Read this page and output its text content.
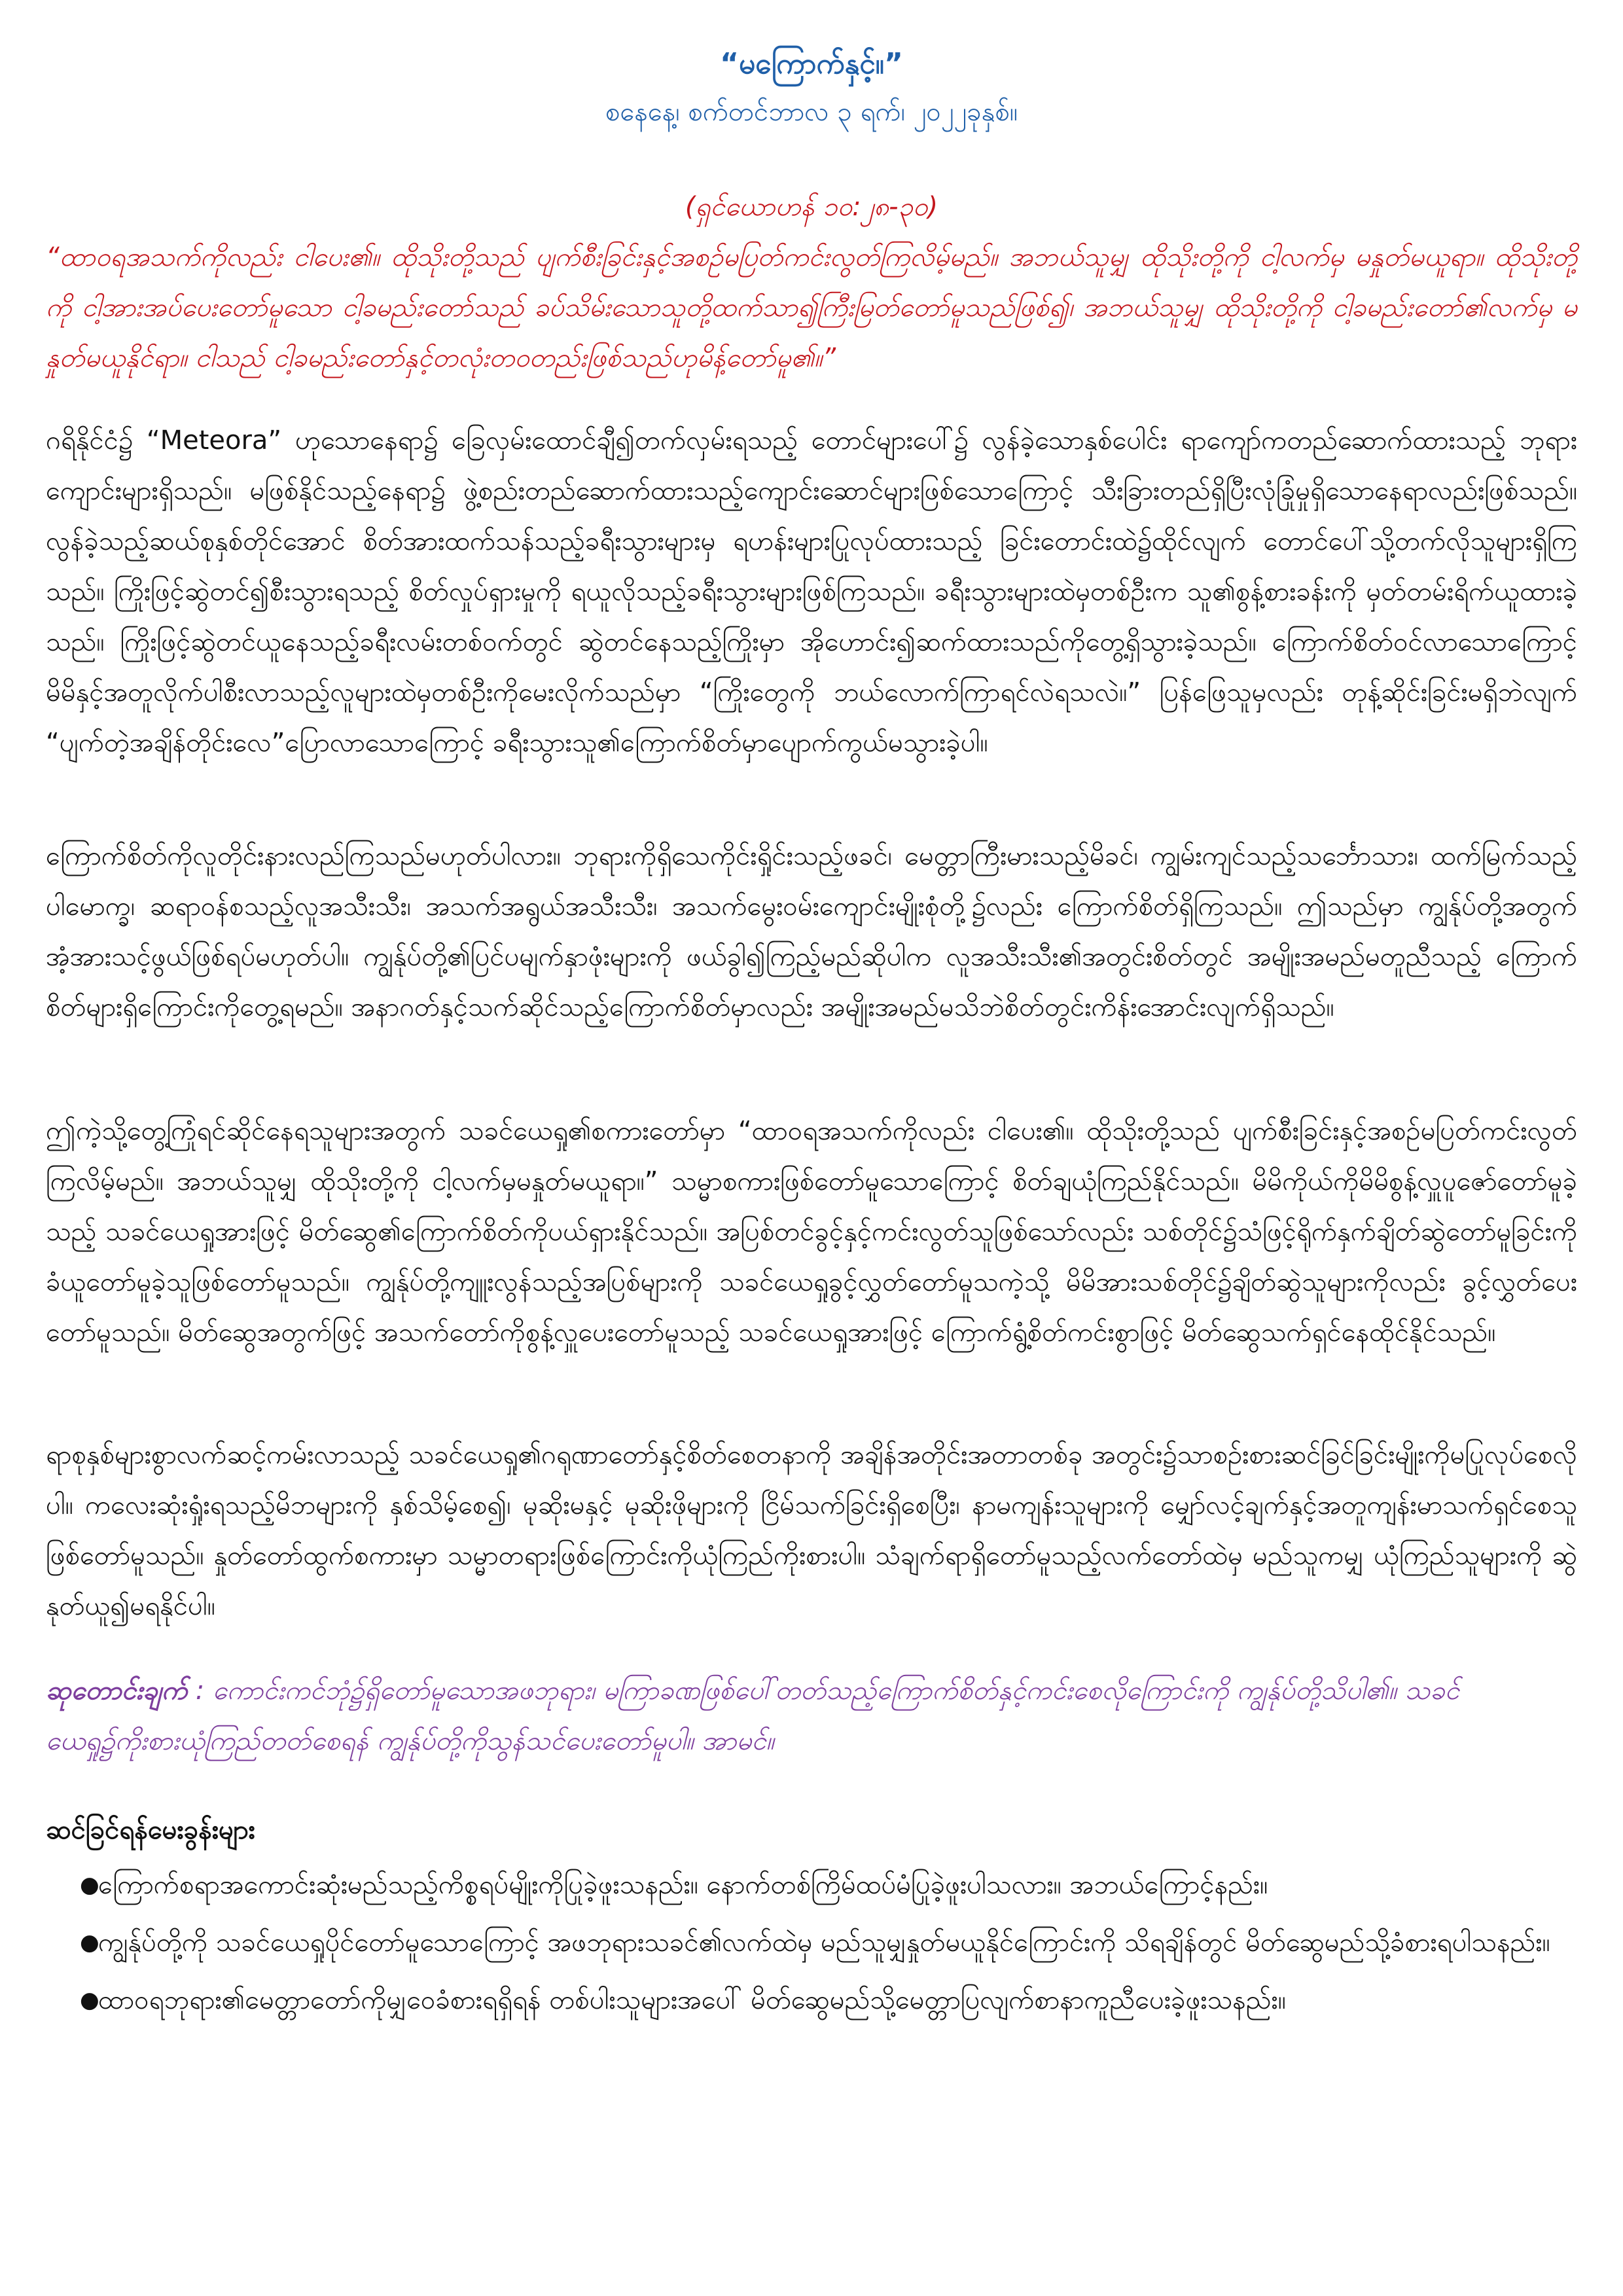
“မကြောက်နှင့်။”
စနေနေ့၊ စက်တင်ဘာလ ၃ ရက်၊ ၂၀၂၂ခုနှစ်။
(ရှင်ယောဟန် ၁၀:၂၈-၃၀)
“ထာဝရအသက်ကိုလည်း ငါပေး၏။ ထိုသိုးတို့သည် ပျက်စီးခြင်းနှင့်အစဉ်မပြတ်ကင်းလွတ်ကြလိမ့်မည်။ အဘယ်သူမျှ ထိုသိုးတို့ကို ငါ့လက်မှ မနှုတ်မယူရာ။ ထိုသိုးတို့ကို ငါ့အားအပ်ပေးတော်မူသော ငါ့ခမည်းတော်သည် ခပ်သိမ်းသောသူတို့ထက်သာ၍ကြီးမြတ်တော်မူသည်ဖြစ်၍၊ အဘယ်သူမျှ ထိုသိုးတို့ကို ငါ့ခမည်းတော်၏လက်မှ မနှုတ်မယူနိုင်ရာ။ ငါသည် ငါ့ခမည်းတော်နှင့်တလုံးတဝတည်းဖြစ်သည်ဟုမိန့်တော်မူ၏။”
ဂရိနိုင်ငံ၌ “Meteora” ဟုသောနေရာ၌ ခြေလှမ်းထောင်ချီ၍တက်လှမ်းရသည့် တောင်များပေါ်၌ လွန်ခဲ့သောနှစ်ပေါင်း ရာကျော်ကတည်ဆောက်ထားသည့် ဘုရားကျောင်းများရှိသည်။ မဖြစ်နိုင်သည့်နေရာ၌ ဖွဲ့စည်းတည်ဆောက်ထားသည့်ကျောင်းဆောင်များဖြစ်သောကြောင့် သီးခြားတည်ရှိပြီးလုံခြုံမှုရှိသောနေရာလည်းဖြစ်သည်။ လွန်ခဲ့သည့်ဆယ်စုနှစ်တိုင်အောင် စိတ်အားထက်သန်သည့်ခရီးသွားများမှ ရဟန်းများပြုလုပ်ထားသည့် ခြင်းတောင်းထဲ၌ထိုင်လျက် တောင်ပေါ်သို့တက်လိုသူများရှိကြသည်။ ကြိုးဖြင့်ဆွဲတင်၍စီးသွားရသည့် စိတ်လှုပ်ရှားမှုကို ရယူလိုသည့်ခရီးသွားများဖြစ်ကြသည်။ ခရီးသွားများထဲမှတစ်ဦးက သူ၏စွန့်စားခန်းကို မှတ်တမ်းရိက်ယူထားခဲ့သည်။ ကြိုးဖြင့်ဆွဲတင်ယူနေသည့်ခရီးလမ်းတစ်ဝက်တွင် ဆွဲတင်နေသည့်ကြိုးမှာ အိုဟောင်း၍ဆက်ထားသည်ကိုတွေ့ရှိသွားခဲ့သည်။ ကြောက်စိတ်ဝင်လာသောကြောင့် မိမိနှင့်အတူလိုက်ပါစီးလာသည့်လူများထဲမှတစ်ဦးကိုမေးလိုက်သည်မှာ “ကြိုးတွေကို ဘယ်လောက်ကြာရင်လဲရသလဲ။” ပြန်ဖြေသူမှလည်း တုန့်ဆိုင်းခြင်းမရှိဘဲလျက် “ပျက်တဲ့အချိန်တိုင်းလေ”ပြောလာသောကြောင့် ခရီးသွားသူ၏ကြောက်စိတ်မှာပျောက်ကွယ်မသွားခဲ့ပါ။
ကြောက်စိတ်ကိုလူတိုင်းနားလည်ကြသည်မဟုတ်ပါလား။ ဘုရားကိုရှိသေကိုင်းရှိုင်းသည့်ဖခင်၊ မေတ္တာကြီးမားသည့်မိခင်၊ ကျွမ်းကျင်သည့်သင်္ဘောသား၊ ထက်မြက်သည့်ပါမောက္ခ၊ ဆရာဝန်စသည့်လူအသီးသီး၊ အသက်အရွယ်အသီးသီး၊ အသက်မွေးဝမ်းကျောင်းမျိုးစုံတို့၌လည်း ကြောက်စိတ်ရှိကြသည်။ ဤသည်မှာ ကျွန်ုပ်တို့အတွက် အံ့အားသင့်ဖွယ်ဖြစ်ရပ်မဟုတ်ပါ။ ကျွန်ုပ်တို့၏ပြင်ပမျက်နှာဖုံးများကို ဖယ်ခွါ၍ကြည့်မည်ဆိုပါက လူအသီးသီး၏အတွင်းစိတ်တွင် အမျိုးအမည်မတူညီသည့် ကြောက်စိတ်များရှိကြောင်းကိုတွေ့ရမည်။ အနာဂတ်နှင့်သက်ဆိုင်သည့်ကြောက်စိတ်မှာလည်း အမျိုးအမည်မသိဘဲစိတ်တွင်းကိန်းအောင်းလျက်ရှိသည်။
ဤကဲ့သို့တွေ့ကြုံရင်ဆိုင်နေရသူများအတွက် သခင်ယေရှု၏စကားတော်မှာ “ထာဝရအသက်ကိုလည်း ငါပေး၏။ ထိုသိုးတို့သည် ပျက်စီးခြင်းနှင့်အစဉ်မပြတ်ကင်းလွတ်ကြလိမ့်မည်။ အဘယ်သူမျှ ထိုသိုးတို့ကို ငါ့လက်မှမနှုတ်မယူရာ။” သမ္မာစကားဖြစ်တော်မူသောကြောင့် စိတ်ချယုံကြည်နိုင်သည်။ မိမိကိုယ်ကိုမိမိစွန့်လှူပူဇော်တော်မူခဲ့သည့် သခင်ယေရှုအားဖြင့် မိတ်ဆွေ၏ကြောက်စိတ်ကိုပယ်ရှားနိုင်သည်။ အပြစ်တင်ခွင့်နှင့်ကင်းလွတ်သူဖြစ်သော်လည်း သစ်တိုင်၌သံဖြင့်ရိုက်နှက်ချိတ်ဆွဲတော်မူခြင်းကို ခံယူတော်မူခဲ့သူဖြစ်တော်မူသည်။ ကျွန်ုပ်တို့ကျူးလွန်သည့်အပြစ်များကို သခင်ယေရှုခွင့်လွှတ်တော်မူသကဲ့သို့ မိမိအားသစ်တိုင်၌ချိတ်ဆွဲသူများကိုလည်း ခွင့်လွှတ်ပေးတော်မူသည်။ မိတ်ဆွေအတွက်ဖြင့် အသက်တော်ကိုစွန့်လှူပေးတော်မူသည့် သခင်ယေရှုအားဖြင့် ကြောက်ရွံ့စိတ်ကင်းစွာဖြင့် မိတ်ဆွေသက်ရှင်နေထိုင်နိုင်သည်။
ရာစုနှစ်များစွာလက်ဆင့်ကမ်းလာသည့် သခင်ယေရှု၏ဂရုဏာတော်နှင့်စိတ်စေတနာကို အချိန်အတိုင်းအတာတစ်ခု အတွင်း၌သာစဉ်းစားဆင်ခြင်ခြင်းမျိုးကိုမပြုလုပ်စေလိုပါ။ ကလေးဆုံးရှုံးရသည့်မိဘများကို နှစ်သိမ့်စေ၍၊ မုဆိုးမနှင့် မုဆိုးဖိုများကို ငြိမ်သက်ခြင်းရှိစေပြီး၊ နာမကျန်းသူများကို မျှော်လင့်ချက်နှင့်အတူကျန်းမာသက်ရှင်စေသူဖြစ်တော်မူသည်။ နှုတ်တော်ထွက်စကားမှာ သမ္မာတရားဖြစ်ကြောင်းကိုယုံကြည်ကိုးစားပါ။ သံချက်ရာရှိတော်မူသည့်လက်တော်ထဲမှ မည်သူကမျှ ယုံကြည်သူများကို ဆွဲနုတ်ယူ၍မရနိုင်ပါ။
ဆုတောင်းချက် : ကောင်းကင်ဘုံ၌ရှိတော်မူသောအဖဘုရား၊ မကြာခဏဖြစ်ပေါ်တတ်သည့်ကြောက်စိတ်နှင့်ကင်းစေလိုကြောင်းကို ကျွန်ုပ်တို့သိပါ၏။ သခင်ယေရှု၌ကိုးစားယုံကြည်တတ်စေရန် ကျွန်ုပ်တို့ကိုသွန်သင်ပေးတော်မူပါ။ အာမင်။
ဆင်ခြင်ရန်မေးခွန်းများ
●
ကြောက်စရာအကောင်းဆုံးမည်သည့်ကိစ္စရပ်မျိုးကိုပြုခဲ့ဖူးသနည်း။ နောက်တစ်ကြိမ်ထပ်မံပြုခဲ့ဖူးပါသလား။ အဘယ်ကြောင့်နည်း။
●
ကျွန်ုပ်တို့ကို သခင်ယေရှုပိုင်တော်မူသောကြောင့် အဖဘုရားသခင်၏လက်ထဲမှ မည်သူမျှနှုတ်မယူနိုင်ကြောင်းကို သိရချိန်တွင် မိတ်ဆွေမည်သို့ခံစားရပါသနည်း။
●
ထာဝရဘုရား၏မေတ္တာတော်ကိုမျှဝေခံစားရရှိရန် တစ်ပါးသူများအပေါ် မိတ်ဆွေမည်သို့မေတ္တာပြလျက်စာနာကူညီပေးခဲ့ဖူးသနည်း။
